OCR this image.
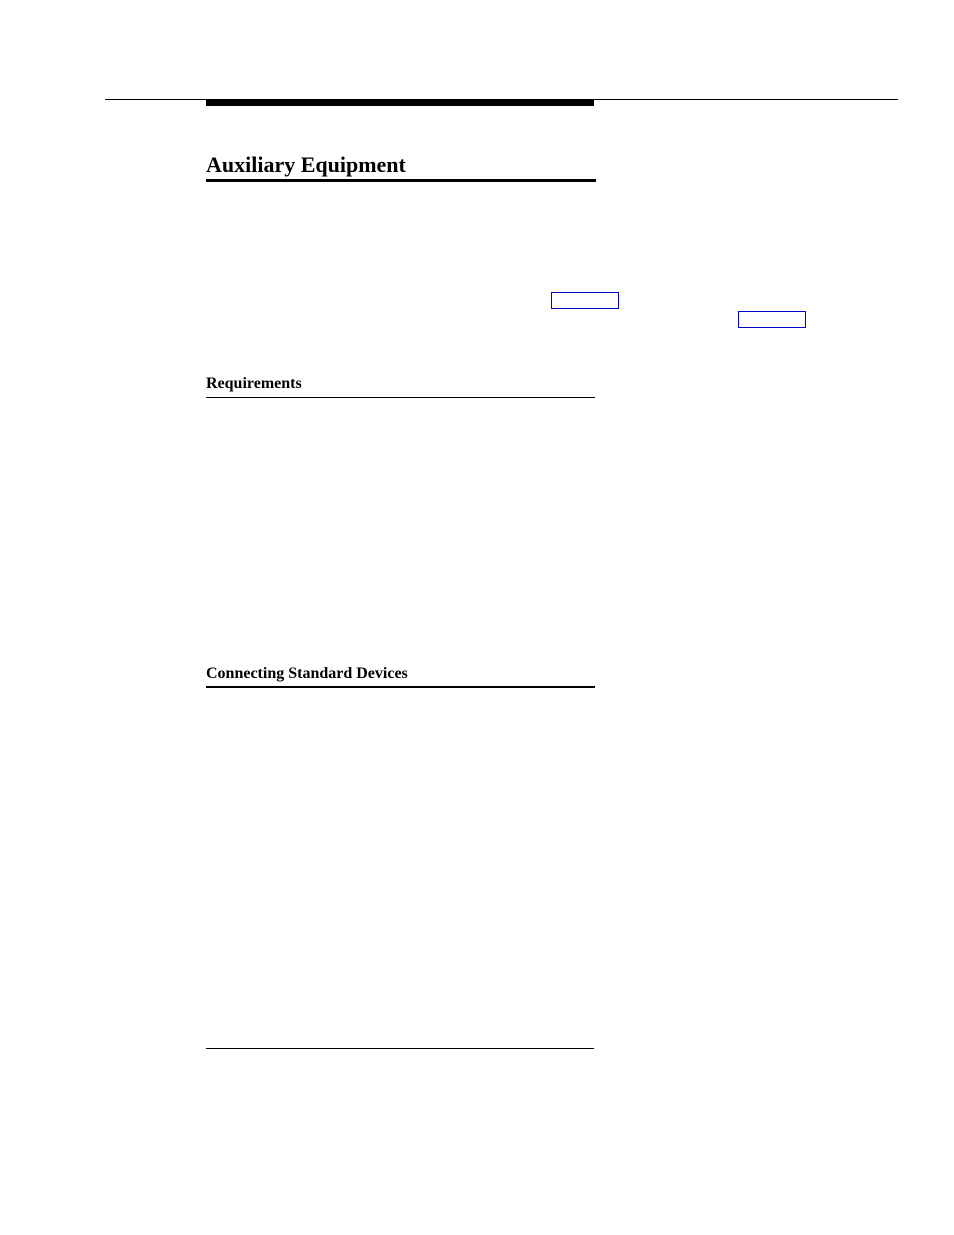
Auxiliary Equipment
Requirements
Connecting Standard Devices
